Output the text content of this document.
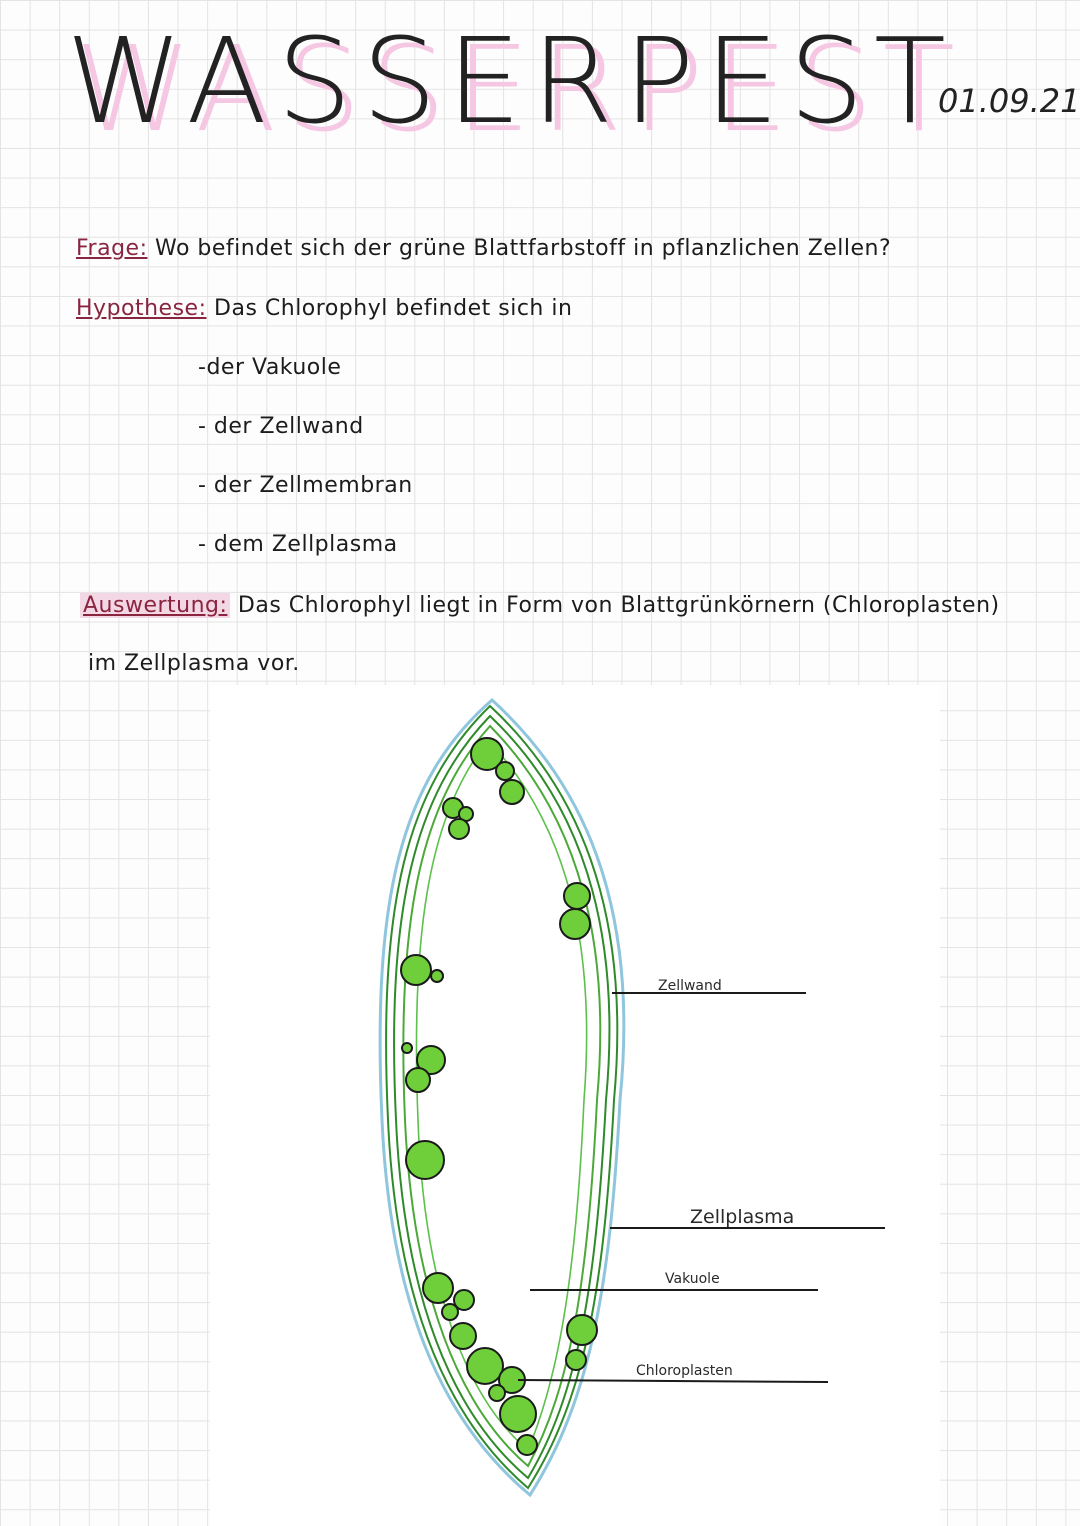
WASSERPEST
01.09.21
Frage: Wo befindet sich der grüne Blattfarbstoff in pflanzlichen Zellen?
Hypothese: Das Chlorophyl befindet sich in
-der Vakuole
- der Zellwand
- der Zellmembran
- dem Zellplasma
Auswertung: Das Chlorophyl liegt in Form von Blattgrünkörnern (Chloroplasten)
im Zellplasma vor.
Zellwand
Zellplasma
Vakuole
Chloroplasten
